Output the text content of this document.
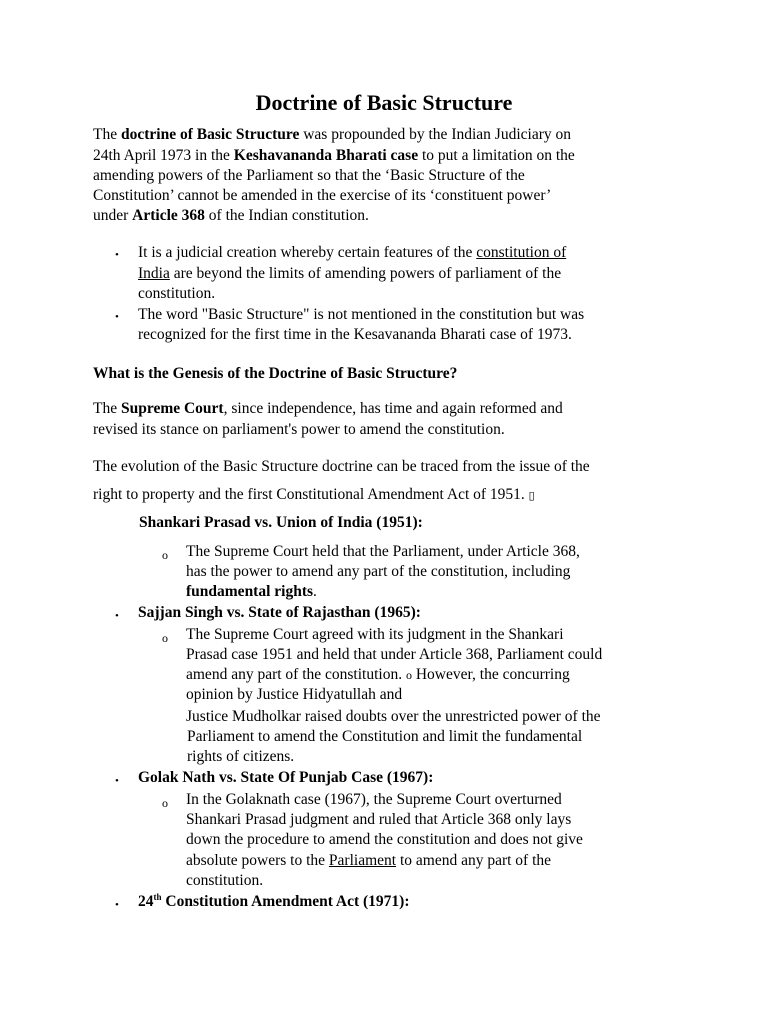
Doctrine of Basic Structure
The doctrine of Basic Structure was propounded by the Indian Judiciary on
24th April 1973 in the Keshavananda Bharati case to put a limitation on the
amending powers of the Parliament so that the ‘Basic Structure of the
Constitution’ cannot be amended in the exercise of its ‘constituent power’
under Article 368 of the Indian constitution.
• It is a judicial creation whereby certain features of the constitution of
India are beyond the limits of amending powers of parliament of the
constitution.
• The word "Basic Structure" is not mentioned in the constitution but was
recognized for the first time in the Kesavananda Bharati case of 1973.
What is the Genesis of the Doctrine of Basic Structure?
The Supreme Court, since independence, has time and again reformed and
revised its stance on parliament's power to amend the constitution.
The evolution of the Basic Structure doctrine can be traced from the issue of the
right to property and the first Constitutional Amendment Act of 1951. ▯
Shankari Prasad vs. Union of India (1951):
o The Supreme Court held that the Parliament, under Article 368,
has the power to amend any part of the constitution, including
fundamental rights.
• Sajjan Singh vs. State of Rajasthan (1965):
o The Supreme Court agreed with its judgment in the Shankari
Prasad case 1951 and held that under Article 368, Parliament could
amend any part of the constitution. o However, the concurring
opinion by Justice Hidyatullah and
Justice Mudholkar raised doubts over the unrestricted power of the
Parliament to amend the Constitution and limit the fundamental
rights of citizens.
• Golak Nath vs. State Of Punjab Case (1967):
o In the Golaknath case (1967), the Supreme Court overturned
Shankari Prasad judgment and ruled that Article 368 only lays
down the procedure to amend the constitution and does not give
absolute powers to the Parliament to amend any part of the
constitution.
• 24th Constitution Amendment Act (1971):
